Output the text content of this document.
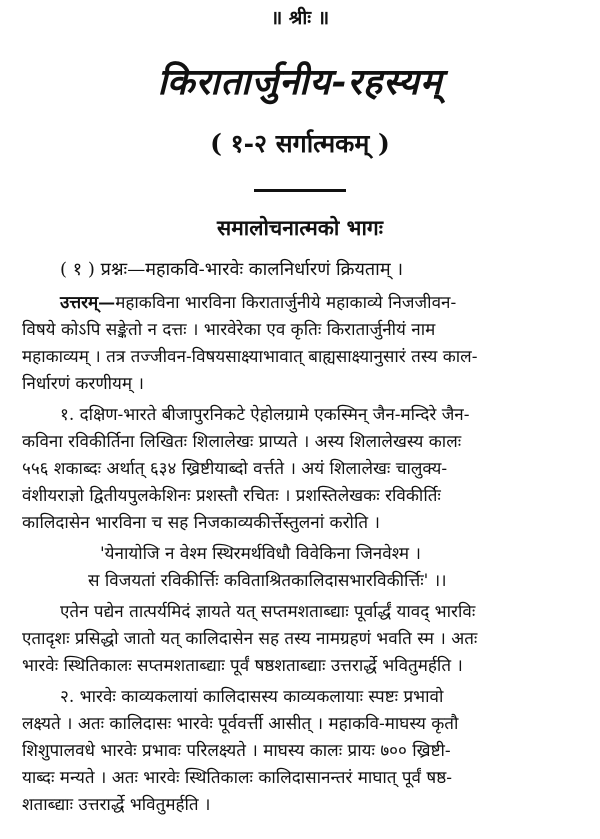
॥ श्रीः ॥
किरातार्जुनीय-रहस्यम्
( १-२ सर्गात्मकम् )
समालोचनात्मको भागः
( १ ) प्रश्नः—महाकवि-भारवेः कालनिर्धारणं क्रियताम् ।
उत्तरम्—महाकविना भारविना किरातार्जुनीये महाकाव्ये निजजीवन-
विषये कोऽपि सङ्केतो न दत्तः । भारवेरेका एव कृतिः किरातार्जुनीयं नाम
महाकाव्यम् । तत्र तज्जीवन-विषयसाक्ष्याभावात् बाह्यसाक्ष्यानुसारं तस्य काल-
निर्धारणं करणीयम् ।
१. दक्षिण-भारते बीजापुरनिकटे ऐहोलग्रामे एकस्मिन् जैन-मन्दिरे जैन-
कविना रविकीर्तिना लिखितः शिलालेखः प्राप्यते । अस्य शिलालेखस्य कालः
५५६ शकाब्दः अर्थात् ६३४ ख्रिष्टीयाब्दो वर्त्तते । अयं शिलालेखः चालुक्य-
वंशीयराज्ञो द्वितीयपुलकेशिनः प्रशस्तौ रचितः । प्रशस्तिलेखकः रविकीर्तिः
कालिदासेन भारविना च सह निजकाव्यकीर्त्तेस्तुलनां करोति ।
'येनायोजि न वेश्म स्थिरमर्थविधौ विवेकिना जिनवेश्म ।
स विजयतां रविकीर्त्तिः कविताश्रितकालिदासभारविकीर्त्तिः' ।।
एतेन पद्येन तात्पर्यमिदं ज्ञायते यत् सप्तमशताब्द्याः पूर्वार्द्धं यावद् भारविः
एतादृशः प्रसिद्धो जातो यत् कालिदासेन सह तस्य नामग्रहणं भवति स्म । अतः
भारवेः स्थितिकालः सप्तमशताब्द्याः पूर्वं षष्ठशताब्द्याः उत्तरार्द्धे भवितुमर्हति ।
२. भारवेः काव्यकलायां कालिदासस्य काव्यकलायाः स्पष्टः प्रभावो
लक्ष्यते । अतः कालिदासः भारवेः पूर्ववर्त्ती आसीत् । महाकवि-माघस्य कृतौ
शिशुपालवधे भारवेः प्रभावः परिलक्ष्यते । माघस्य कालः प्रायः ७०० ख्रिष्टी-
याब्दः मन्यते । अतः भारवेः स्थितिकालः कालिदासानन्तरं माघात् पूर्वं षष्ठ-
शताब्द्याः उत्तरार्द्धे भवितुमर्हति ।
